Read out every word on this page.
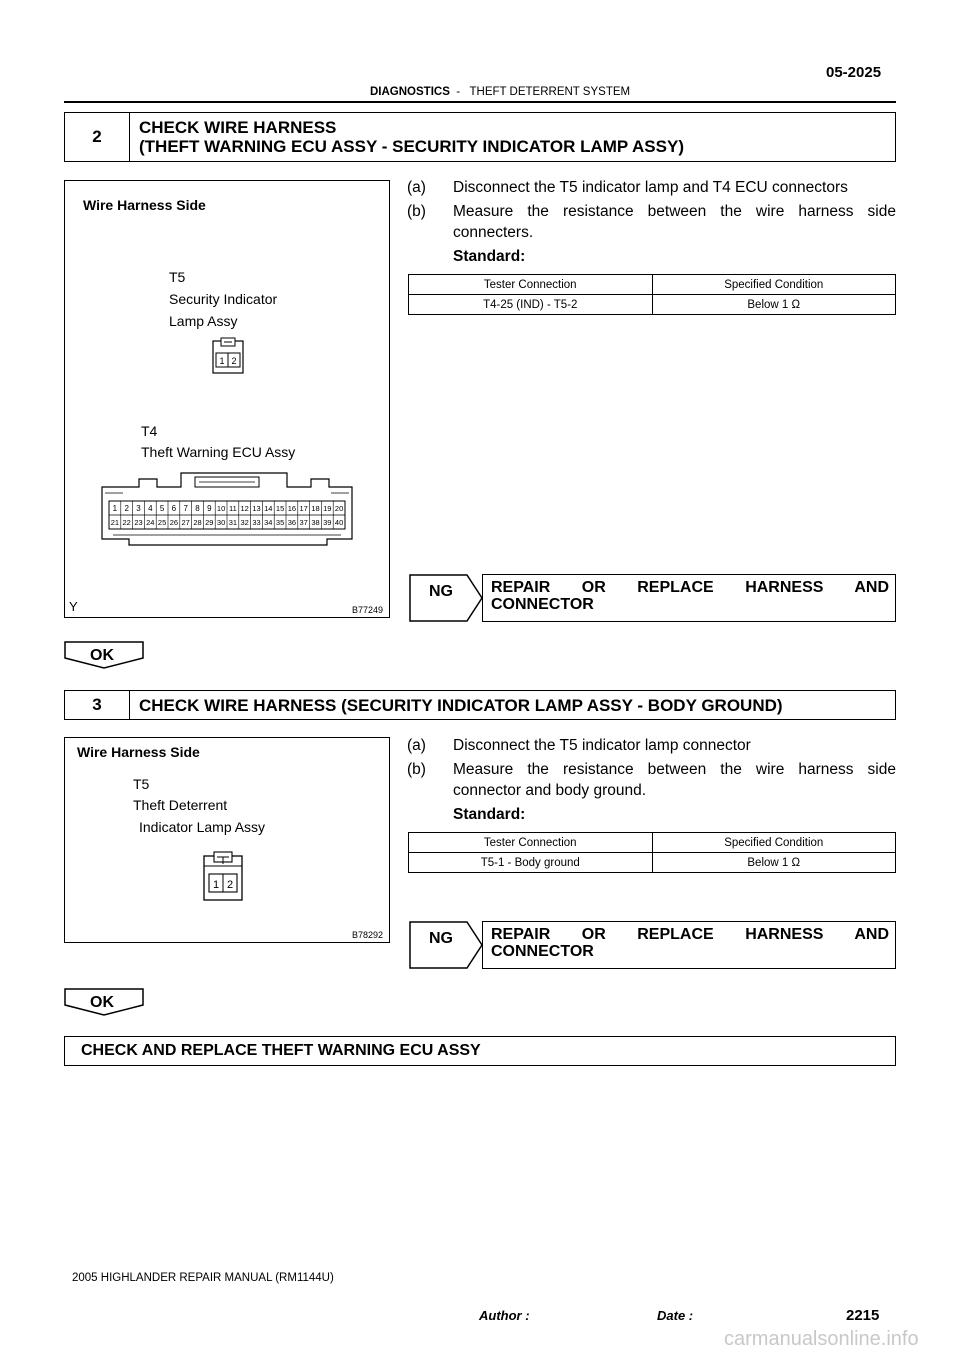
05-2025
DIAGNOSTICS - THEFT DETERRENT SYSTEM
2	CHECK WIRE HARNESS
(THEFT WARNING ECU ASSY - SECURITY INDICATOR LAMP ASSY)
Wire Harness Side
T5
Security Indicator
Lamp Assy
1 2
T4
Theft Warning ECU Assy
1 2 3 4 5 6 7 8 9 10 11 12 13 14 15 16 17 18 19 20
21 22 23 24 25 26 27 28 29 30 31 32 33 34 35 36 37 38 39 40
Y	B77249
(a)	Disconnect the T5 indicator lamp and T4 ECU connectors
(b)	Measure the resistance between the wire harness side connecters.
Standard:
Tester Connection	Specified Condition
T4-25 (IND) - T5-2	Below 1 Ω
NG REPAIR OR REPLACE HARNESS AND
CONNECTOR
OK
3	CHECK WIRE HARNESS (SECURITY INDICATOR LAMP ASSY - BODY GROUND)
Wire Harness Side
T5
Theft Deterrent
Indicator Lamp Assy
1 2
B78292
(a)	Disconnect the T5 indicator lamp connector
(b)	Measure the resistance between the wire harness side connector and body ground.
Standard:
Tester Connection	Specified Condition
T5-1 - Body ground	Below 1 Ω
NG REPAIR OR REPLACE HARNESS AND
CONNECTOR
OK
CHECK AND REPLACE THEFT WARNING ECU ASSY
2005 HIGHLANDER REPAIR MANUAL (RM1144U)
Author :	Date :	2215
carmanualsonline.info
